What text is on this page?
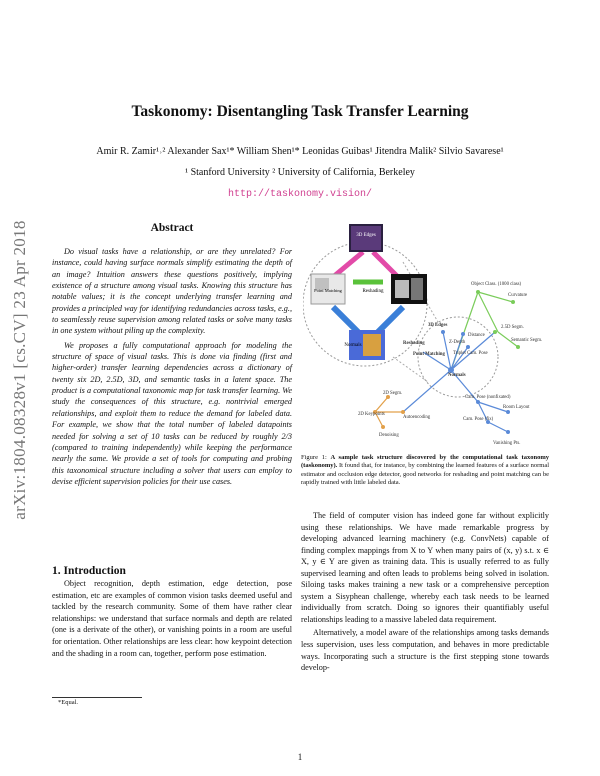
arXiv:1804.08328v1 [cs.CV] 23 Apr 2018
Taskonomy: Disentangling Task Transfer Learning
Amir R. Zamir¹˒² Alexander Sax¹* William Shen¹* Leonidas Guibas¹ Jitendra Malik² Silvio Savarese¹
¹ Stanford University ² University of California, Berkeley
http://taskonomy.vision/
Abstract

Do visual tasks have a relationship, or are they unrelated? For instance, could having surface normals simplify estimating the depth of an image? Intuition answers these questions positively, implying existence of a structure among visual tasks. Knowing this structure has notable values; it is the concept underlying transfer learning and provides a principled way for identifying redundancies across tasks, e.g., to seamlessly reuse supervision among related tasks or solve many tasks in one system without piling up the complexity.

We proposes a fully computational approach for modeling the structure of space of visual tasks. This is done via finding (first and higher-order) transfer learning dependencies across a dictionary of twenty six 2D, 2.5D, 3D, and semantic tasks in a latent space. The product is a computational taxonomic map for task transfer learning. We study the consequences of this structure, e.g. nontrivial emerged relationships, and exploit them to reduce the demand for labeled data. For example, we show that the total number of labeled datapoints needed for solving a set of 10 tasks can be reduced by roughly 2/3 (compared to training independently) while keeping the performance nearly the same. We provide a set of tools for computing and probing this taxonomical structure including a solver that users can employ to devise efficient supervision policies for their use cases.

1. Introduction

Object recognition, depth estimation, edge detection, pose estimation, etc are examples of common vision tasks deemed useful and tackled by the research community. Some of them have rather clear relationships: we understand that surface normals and depth are related (one is a derivate of the other), or vanishing points in a room are useful for orientation. Other relationships are less clear: how keypoint detection and the shading in a room can, together, perform pose estimation.

*Equal.
3D Edges
Point Matching	Reshading
Normals
Object Class. (1000 class)
Curvature
3D Edges
Reshading
Point Matching
Distance
Z-Depth
Triplet Cam. Pose
2.5D Segm.
Semantic Segm.
Normals
2D Segm.
2D Keypoints
Autoencoding
Denoising
Cam. Pose (nonfixated)
Room Layout
Cam. Pose (fix)
Vanishing Pts.
Figure 1: A sample task structure discovered by the computational task taxonomy (taskonomy). It found that, for instance, by combining the learned features of a surface normal estimator and occlusion edge detector, good networks for reshading and point matching can be rapidly trained with little labeled data.

The field of computer vision has indeed gone far without explicitly using these relationships. We have made remarkable progress by developing advanced learning machinery (e.g. ConvNets) capable of finding complex mappings from X to Y when many pairs of (x, y) s.t. x ∈ X, y ∈ Y are given as training data. This is usually referred to as fully supervised learning and often leads to problems being solved in isolation. Siloing tasks makes training a new task or a comprehensive perception system a Sisyphean challenge, whereby each task needs to be learned individually from scratch. Doing so ignores their quantifiably useful relationships leading to a massive labeled data requirement.

Alternatively, a model aware of the relationships among tasks demands less supervision, uses less computation, and behaves in more predictable ways. Incorporating such a structure is the first stepping stone towards develop-

1
